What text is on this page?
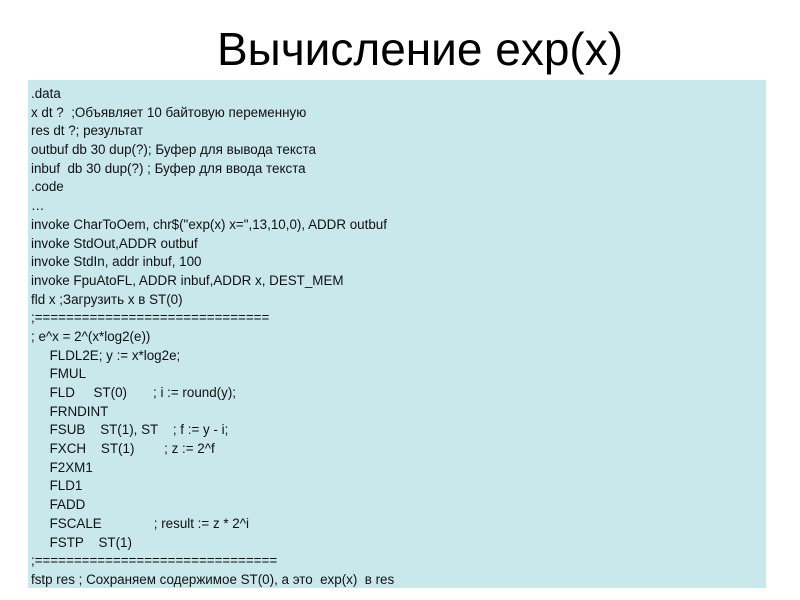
Вычисление exp(x)
.data
x dt ?  ;Объявляет 10 байтовую переменную
res dt ?; результат
outbuf db 30 dup(?); Буфер для вывода текста
inbuf  db 30 dup(?) ; Буфер для ввода текста
.code
…
invoke CharToOem, chr$("exp(x) x=",13,10,0), ADDR outbuf
invoke StdOut,ADDR outbuf
invoke StdIn, addr inbuf, 100
invoke FpuAtoFL, ADDR inbuf,ADDR x, DEST_MEM
fld x ;Загрузить x в ST(0)
;==============================
; e^x = 2^(x*log2(e))
FLDL2E; y := x*log2e;
FMUL
FLD     ST(0)       ; i := round(y);
FRNDINT
FSUB    ST(1), ST    ; f := y - i;
FXCH    ST(1)        ; z := 2^f
F2XM1
FLD1
FADD
FSCALE              ; result := z * 2^i
FSTP    ST(1)
;===============================
fstp res ; Сохраняем содержимое ST(0), а это  exp(x)  в res
